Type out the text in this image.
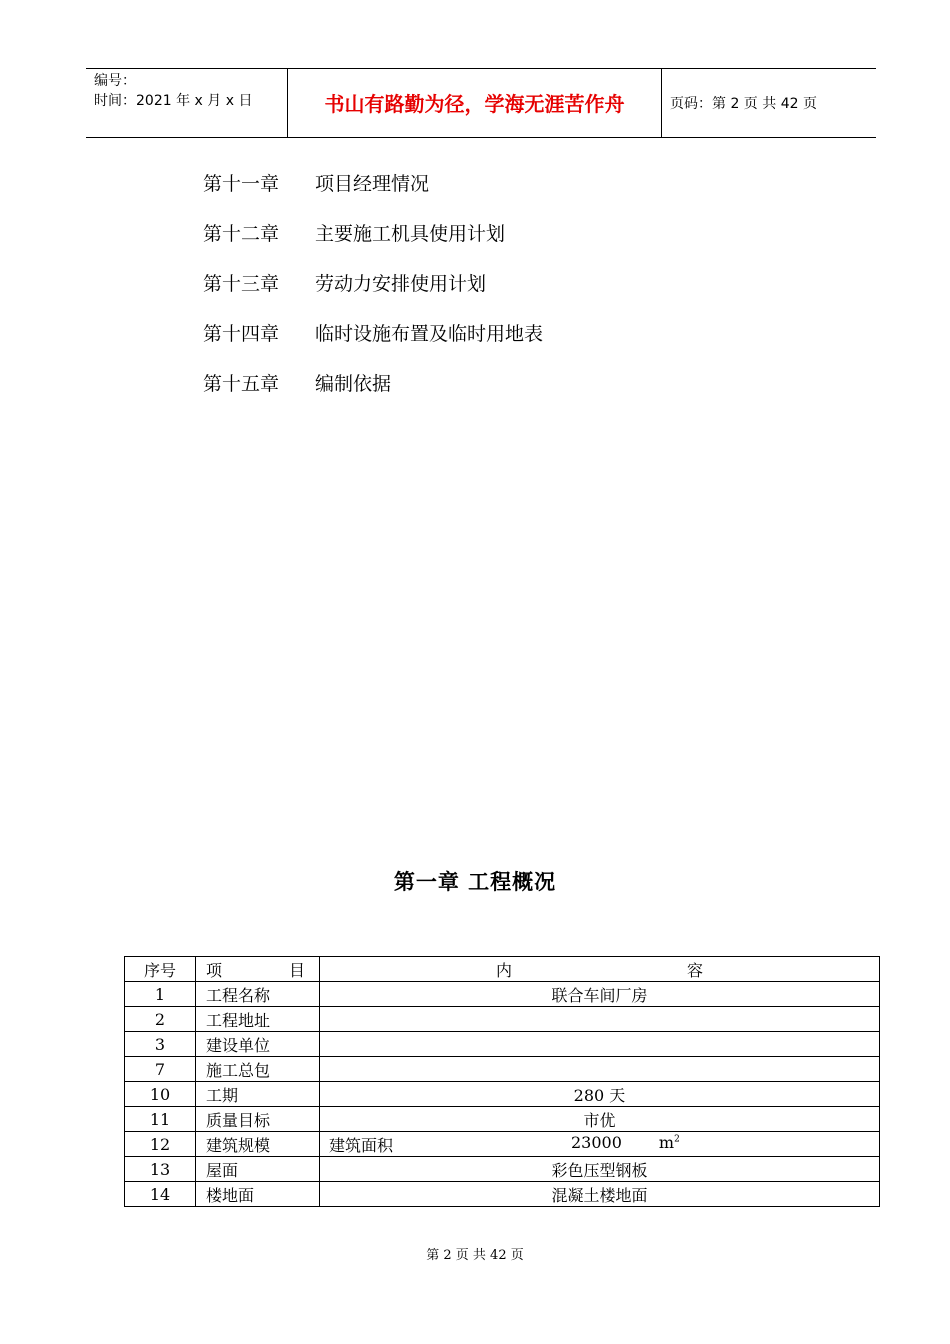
编号：
时间：2021 年 x 月 x 日	书山有路勤为径，学海无涯苦作舟	页码：第 2 页 共 42 页
第十一章 项目经理情况
第十二章 主要施工机具使用计划
第十三章 劳动力安排使用计划
第十四章 临时设施布置及临时用地表
第十五章 编制依据
第一章 工程概况
序号	项 目	内 容

1	工程名称	联合车间厂房
2	工程地址	
3	建设单位	
7	施工总包	
10	工期	280 天
11	质量目标	市优
12	建筑规模	建筑面积 23000 $m^2$

13	屋面	彩色压型钢板
14	楼地面	混凝土楼地面
第 2 页 共 42 页
